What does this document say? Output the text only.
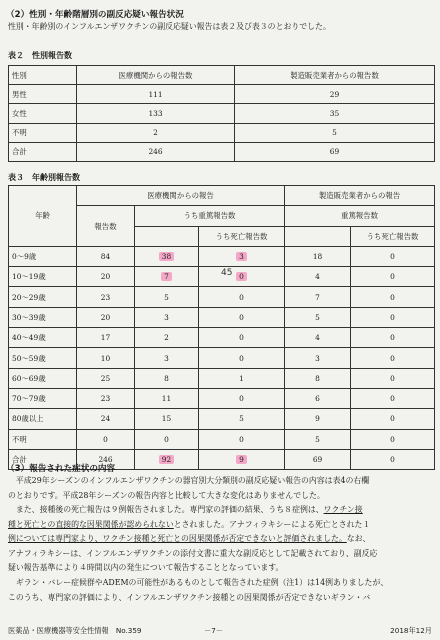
（2）性別・年齢階層別の副反応疑い報告状況
性別・年齢別のインフルエンザワクチンの副反応疑い報告は表２及び表３のとおりでした。
表２　性別報告数
性別	医療機関からの報告数	製造販売業者からの報告数
男性	111	29
女性	133	35
不明	2	5
合計	246	69
表３　年齢別報告数
年齢	医療機関からの報告			製造販売業者からの報告	
	報告数	うち重篤報告数		重篤報告数	
			うち死亡報告数		うち死亡報告数
0～9歳	84	38	3	18	0
10～19歳	20	7	0	4	0
20～29歳	23	5	0	7	0
30～39歳	20	3	0	5	0
40～49歳	17	2	0	4	0
50～59歳	10	3	0	3	0
60～69歳	25	8	1	8	0
70～79歳	23	11	0	6	0
80歳以上	24	15	5	9	0
不明	0	0	0	5	0
合計	246	92	9	69	0
45
（3）報告された症状の内容
　平成29年シーズンのインフルエンザワクチンの器官別大分類別の副反応疑い報告の内容は表4の右欄
のとおりです。平成28年シーズンの報告内容と比較して大きな変化はありませんでした。
　また、接種後の死亡報告は９例報告されました。専門家の評価の結果、うち８症例は、ワクチン接
種と死亡との直接的な因果関係が認められないとされました。アナフィラキシーによる死亡とされた１
例については専門家より、ワクチン接種と死亡との因果関係が否定できないと評価されました。なお、
アナフィラキシーは、インフルエンザワクチンの添付文書に重大な副反応として記載されており、副反応
疑い報告基準により４時間以内の発生について報告することとなっています。
　ギラン・バレー症候群やADEMの可能性があるものとして報告された症例（注1）は14例ありましたが、
このうち、専門家の評価により、インフルエンザワクチン接種との因果関係が否定できないギラン・バ
医薬品・医療機器等安全性情報　No.359	－7－	2018年12月
